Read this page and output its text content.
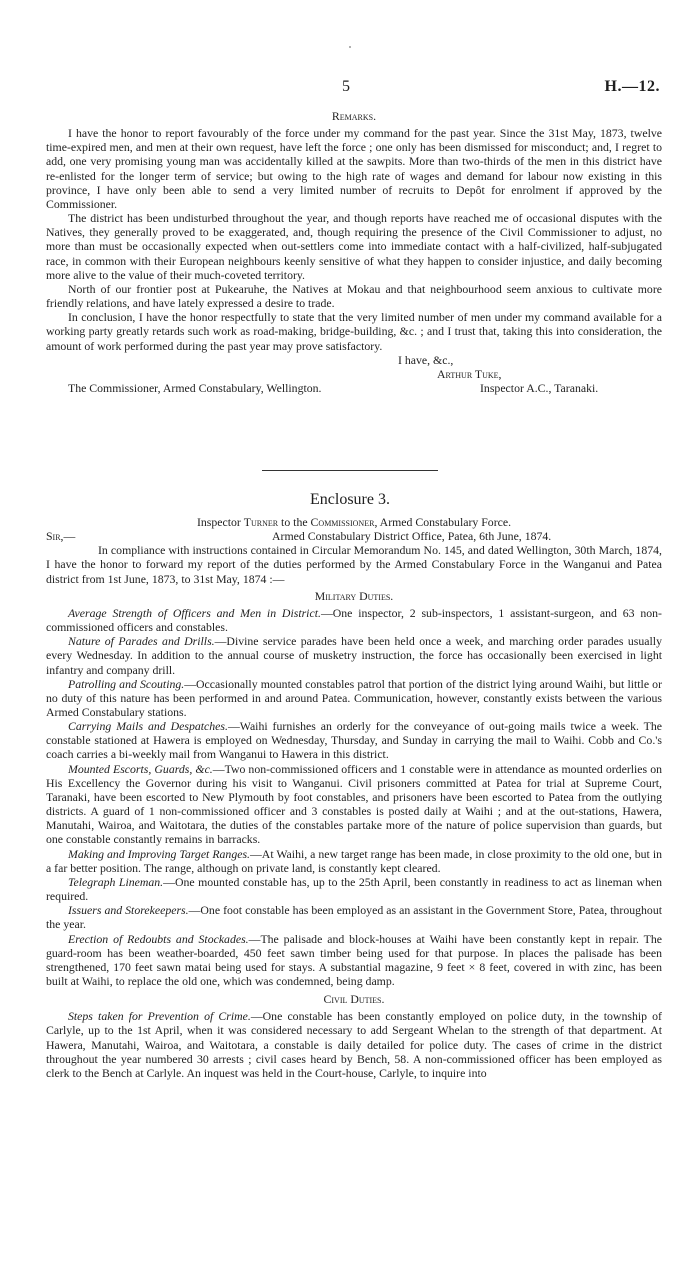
5	H.—12.

Remarks.

I have the honor to report favourably of the force under my command for the past year. Since the 31st May, 1873, twelve time-expired men, and men at their own request, have left the force ; one only has been dismissed for misconduct; and, I regret to add, one very promising young man was accidentally killed at the sawpits. More than two-thirds of the men in this district have re-enlisted for the longer term of service; but owing to the high rate of wages and demand for labour now existing in this province, I have only been able to send a very limited number of recruits to Depôt for enrolment if approved by the Commissioner.

The district has been undisturbed throughout the year, and though reports have reached me of occasional disputes with the Natives, they generally proved to be exaggerated, and, though requiring the presence of the Civil Commissioner to adjust, no more than must be occasionally expected when out-settlers come into immediate contact with a half-civilized, half-subjugated race, in common with their European neighbours keenly sensitive of what they happen to consider injustice, and daily becoming more alive to the value of their much-coveted territory.

North of our frontier post at Pukearuhe, the Natives at Mokau and that neighbourhood seem anxious to cultivate more friendly relations, and have lately expressed a desire to trade.

In conclusion, I have the honor respectfully to state that the very limited number of men under my command available for a working party greatly retards such work as road-making, bridge-building, &c. ; and I trust that, taking this into consideration, the amount of work performed during the past year may prove satisfactory.

I have, &c.,
Arthur Tuke,
The Commissioner, Armed Constabulary, Wellington.	Inspector A.C., Taranaki.
Enclosure 3.

Inspector Turner to the Commissioner, Armed Constabulary Force.

Sir,—	Armed Constabulary District Office, Patea, 6th June, 1874.

In compliance with instructions contained in Circular Memorandum No. 145, and dated Wellington, 30th March, 1874, I have the honor to forward my report of the duties performed by the Armed Constabulary Force in the Wanganui and Patea district from 1st June, 1873, to 31st May, 1874 :—

Military Duties.

Average Strength of Officers and Men in District.—One inspector, 2 sub-inspectors, 1 assistant-surgeon, and 63 non-commissioned officers and constables.

Nature of Parades and Drills.—Divine service parades have been held once a week, and marching order parades usually every Wednesday. In addition to the annual course of musketry instruction, the force has occasionally been exercised in light infantry and company drill.

Patrolling and Scouting.—Occasionally mounted constables patrol that portion of the district lying around Waihi, but little or no duty of this nature has been performed in and around Patea. Communication, however, constantly exists between the various Armed Constabulary stations.

Carrying Mails and Despatches.—Waihi furnishes an orderly for the conveyance of out-going mails twice a week. The constable stationed at Hawera is employed on Wednesday, Thursday, and Sunday in carrying the mail to Waihi. Cobb and Co.'s coach carries a bi-weekly mail from Wanganui to Hawera in this district.

Mounted Escorts, Guards, &c.—Two non-commissioned officers and 1 constable were in attendance as mounted orderlies on His Excellency the Governor during his visit to Wanganui. Civil prisoners committed at Patea for trial at Supreme Court, Taranaki, have been escorted to New Plymouth by foot constables, and prisoners have been escorted to Patea from the outlying districts. A guard of 1 non-commissioned officer and 3 constables is posted daily at Waihi ; and at the out-stations, Hawera, Manutahi, Wairoa, and Waitotara, the duties of the constables partake more of the nature of police supervision than guards, but one constable constantly remains in barracks.

Making and Improving Target Ranges.—At Waihi, a new target range has been made, in close proximity to the old one, but in a far better position. The range, although on private land, is constantly kept cleared.

Telegraph Lineman.—One mounted constable has, up to the 25th April, been constantly in readiness to act as lineman when required.

Issuers and Storekeepers.—One foot constable has been employed as an assistant in the Government Store, Patea, throughout the year.

Erection of Redoubts and Stockades.—The palisade and block-houses at Waihi have been constantly kept in repair. The guard-room has been weather-boarded, 450 feet sawn timber being used for that purpose. In places the palisade has been strengthened, 170 feet sawn matai being used for stays. A substantial magazine, 9 feet × 8 feet, covered in with zinc, has been built at Waihi, to replace the old one, which was condemned, being damp.

Civil Duties.

Steps taken for Prevention of Crime.—One constable has been constantly employed on police duty, in the township of Carlyle, up to the 1st April, when it was considered necessary to add Sergeant Whelan to the strength of that department. At Hawera, Manutahi, Wairoa, and Waitotara, a constable is daily detailed for police duty. The cases of crime in the district throughout the year numbered 30 arrests ; civil cases heard by Bench, 58. A non-commissioned officer has been employed as clerk to the Bench at Carlyle. An inquest was held in the Court-house, Carlyle, to inquire into
